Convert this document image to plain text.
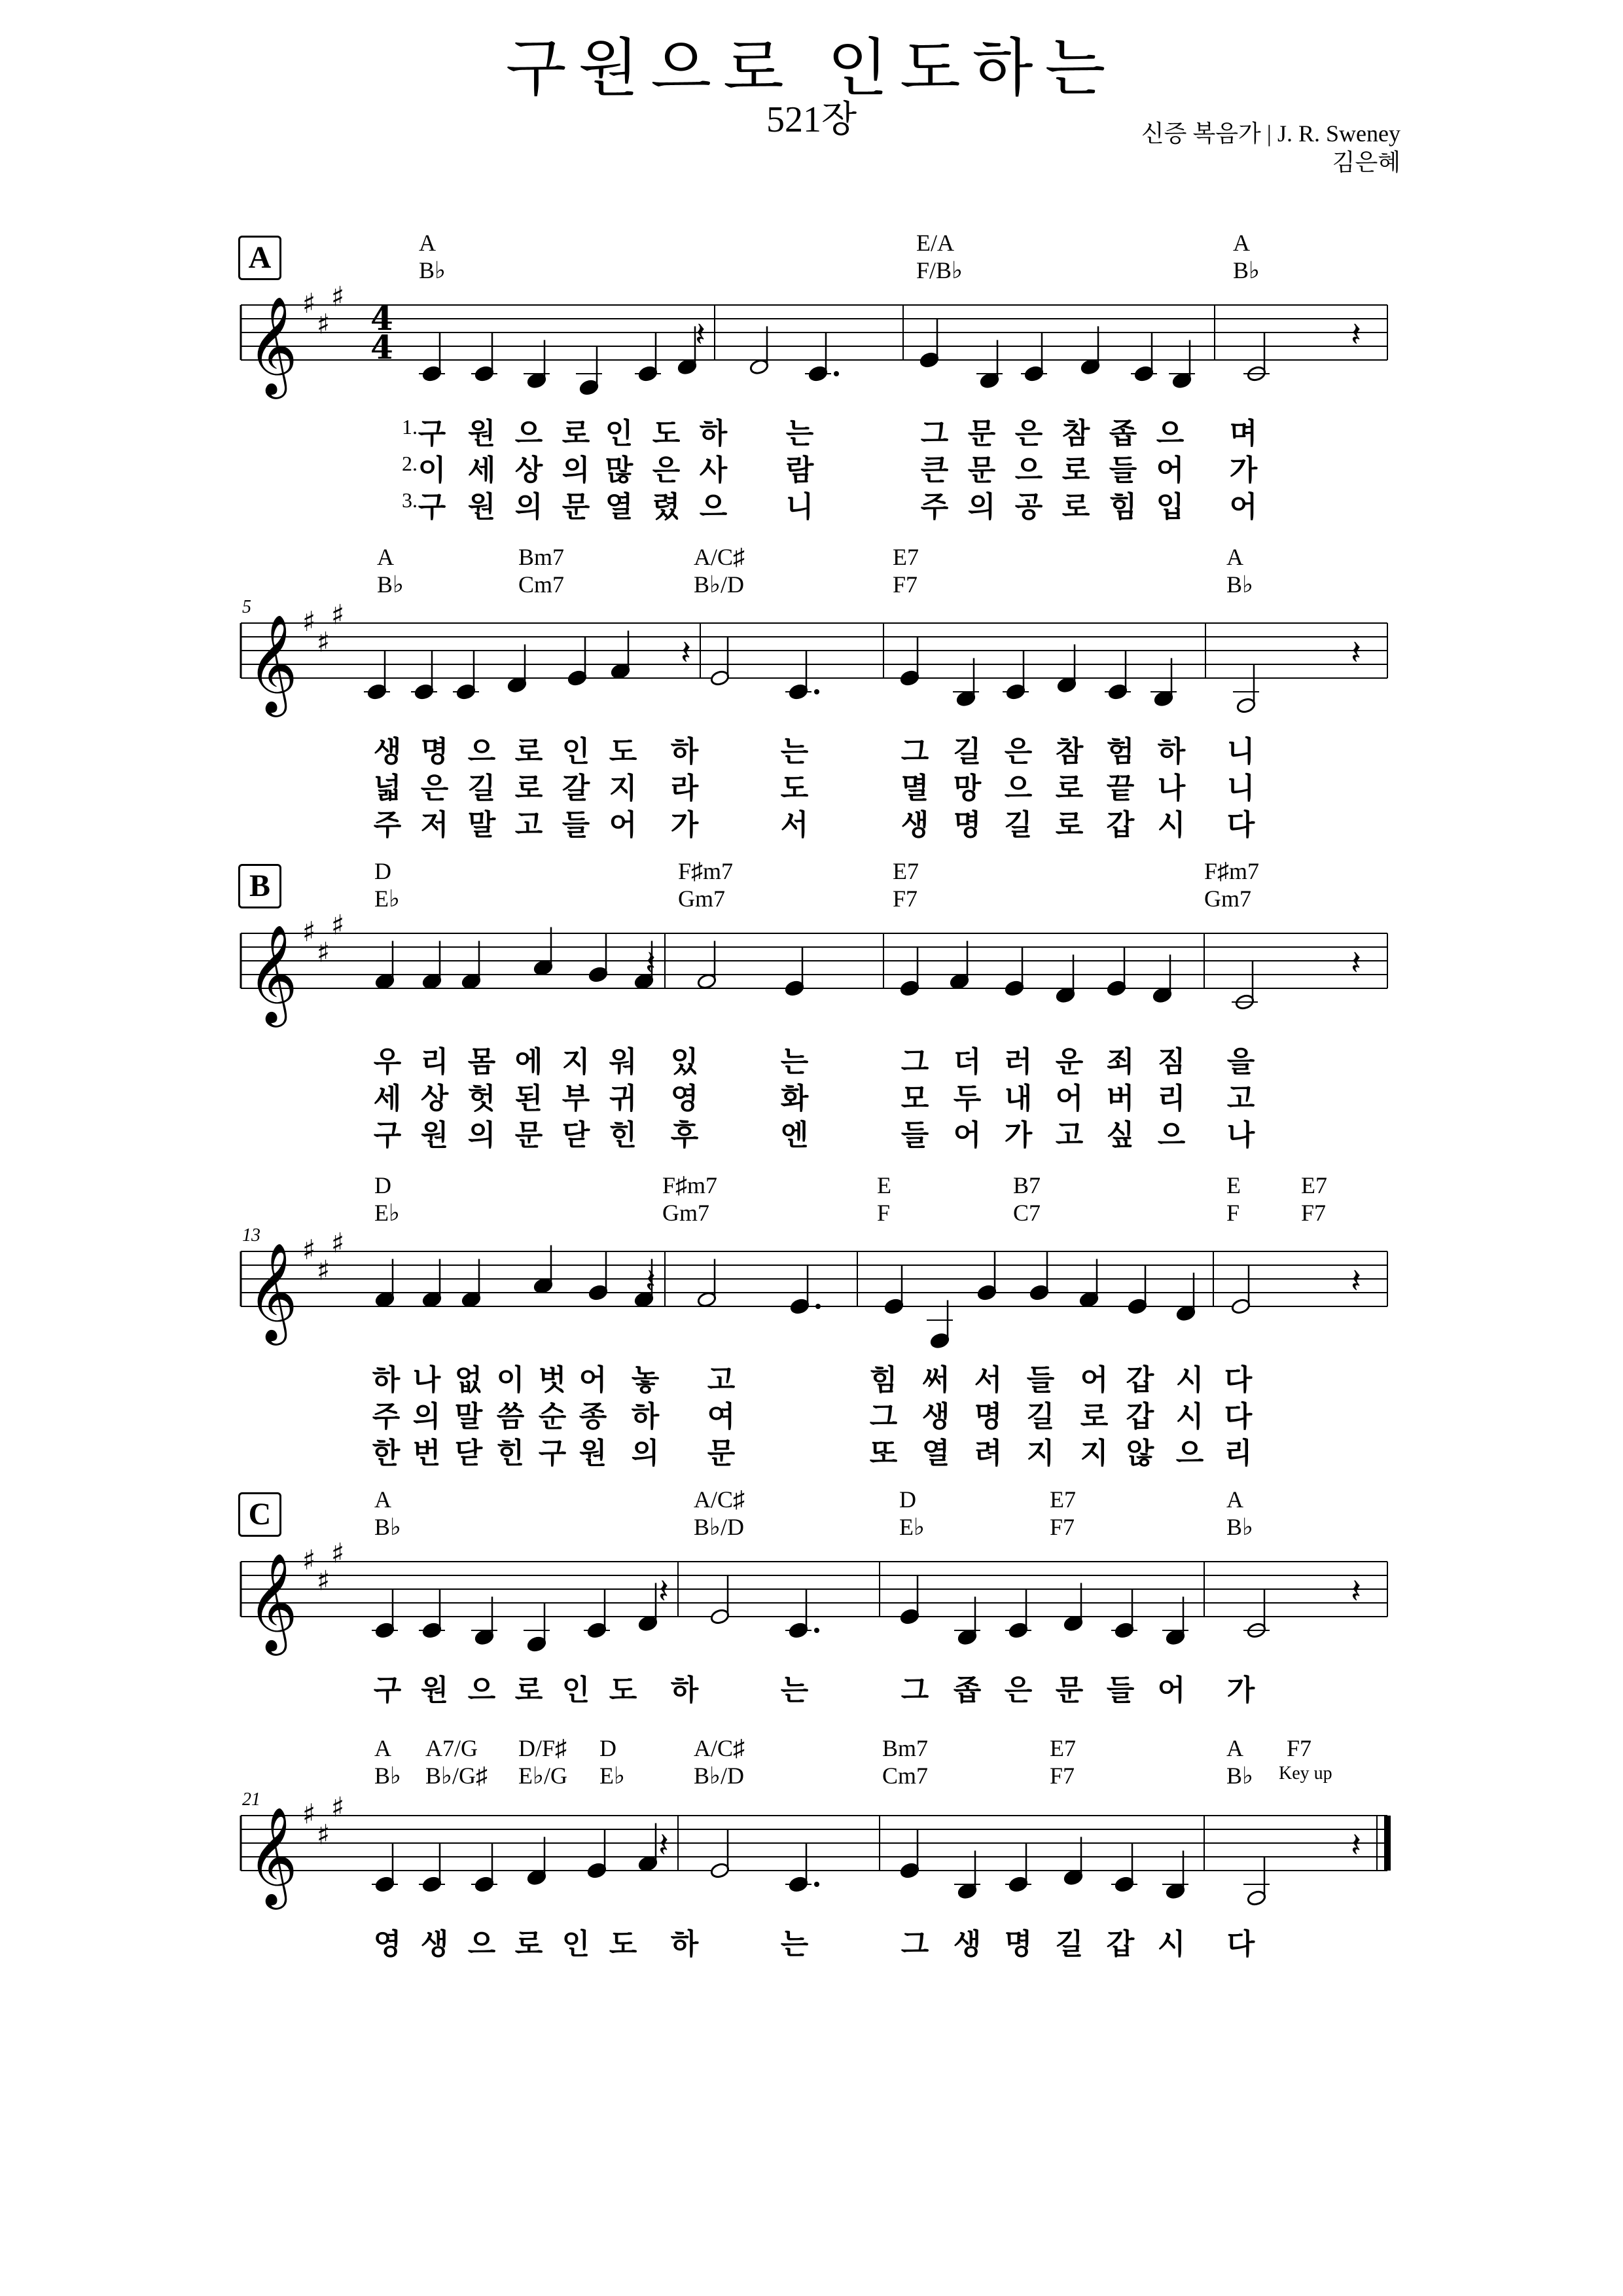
구원으로 인도하는
521장	신증 복음가 | J. R. Sweney
김은혜
A	A	E/A	A
B♭	F/B♭	B♭
𝄞 ♯
♯
♯
4
4	𝄽	𝄽
1. 구 원 으 로 인 도 하 는	그 문 은 참 좁 으 며
2. 이 세 상 의 많 은 사 람	큰 문 으 로 들 어 가
3. 구 원 의 문 열 렸 으 니	주 의 공 로 힘 입 어
5
A	Bm7	A/C♯	E7	A
B♭	Cm7	B♭/D	F7	B♭
𝄞 ♯
♯
♯
𝄽	𝄽
생 명 으 로 인 도 하	는	그 길 은 참 험 하 니
넓 은 길 로 갈 지 라	도	멸 망 으 로 끝 나 니
주 저 말 고 들 어 가	서	생 명 길 로 갑 시 다
B	D	F♯m7	E7	F♯m7
E♭	Gm7	F7	Gm7
𝄞 ♯
♯
♯
𝄽	𝄽
우 리 몸 에 지 워 있	는	그 더 러 운 죄 짐 을
세 상 헛 된 부 귀 영	화	모 두 내 어 버 리 고
구 원 의 문 닫 힌 후	엔	들 어 가 고 싶 으 나
13
D	F♯m7	E	B7	E	E7
E♭	Gm7	F	C7	F	F7
𝄞 ♯
♯
♯
𝄽	𝄽
하 나 없 이 벗 어 놓 고	힘 써 서 들 어 갑 시 다
주 의 말 씀 순 종 하 여	그 생 명 길 로 갑 시 다
한 번 닫 힌 구 원 의 문	또 열 려 지 지 않 으 리
C	A	A/C♯	D	E7	A
B♭	B♭/D	E♭	F7	B♭
𝄞 ♯
♯
♯
𝄽	𝄽
구 원 으 로 인 도 하	는	그 좁 은 문 들 어 가
21
A A7/G D/F♯ D	A/C♯	Bm7	E7	A F7
B♭ B♭/G♯ E♭/G E♭	B♭/D	Cm7	F7	B♭ Key up
𝄞 ♯
♯
♯
𝄽	𝄽
영 생 으 로 인 도 하	는	그 생 명 길 갑 시 다
